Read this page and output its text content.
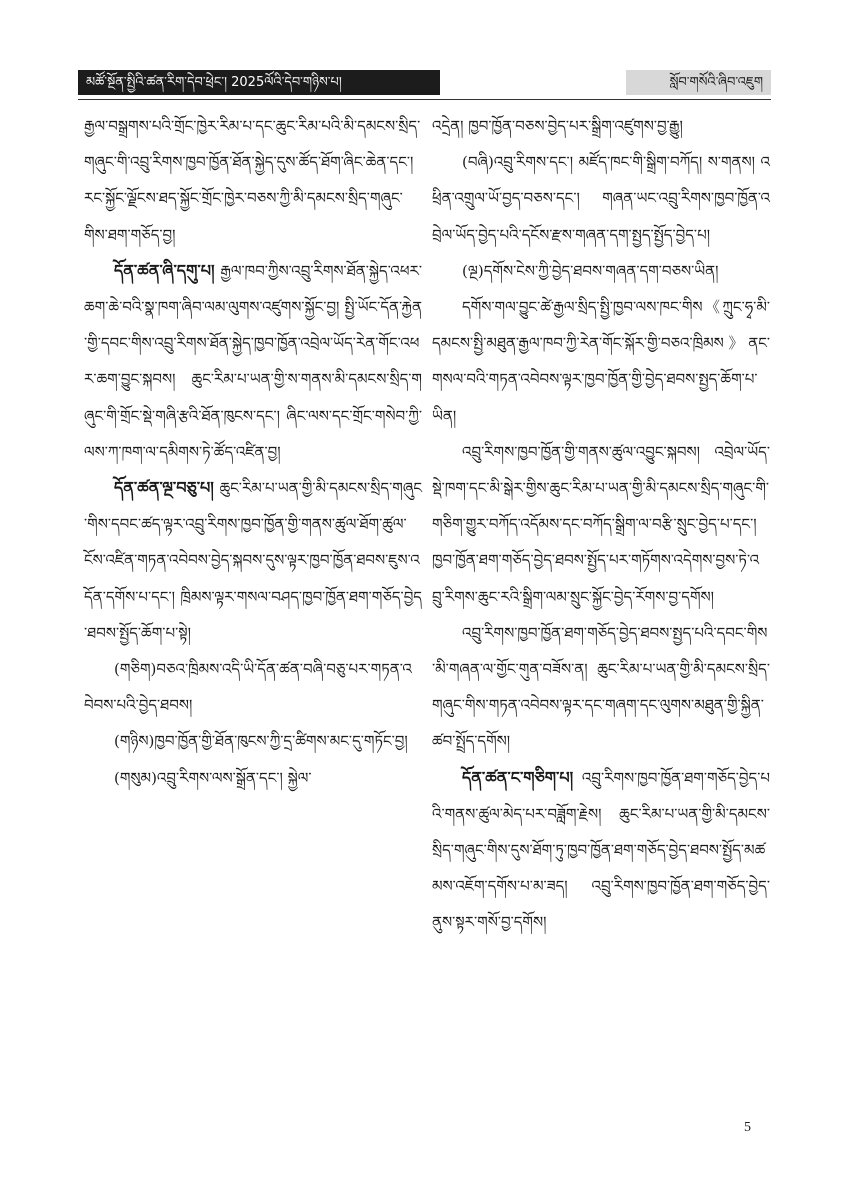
མཚོ་སྔོན་སྤྱིའི་ཚན་རིག་དེབ་ཕྲེང་། 2025ལོའི་དེབ་གཉིས་པ།	སློབ་གསོའི་ཞིབ་འཇུག

རྒྱལ་བསྒྲགས་པའི་གྲོང་ཁྱེར་རིམ་པ་དང་ཆུང་རིམ་པའི་མི་དམངས་སྲིད་གཞུང་གི་འབྲུ་རིགས་ཁྱབ་ཁྱོན་ཐོན་སྐྱེད་དུས་ཚོད་ཐོག་ཞིང་ཆེན་དང་། རང་སྐྱོང་ལྗོངས་ཐད་སྐྱོང་གྲོང་ཁྱེར་བཅས་ཀྱི་མི་དམངས་སྲིད་གཞུང་གིས་ཐག་གཅོད་བྱ།

དོན་ཚན་ཞི་དགུ་པ། རྒྱལ་ཁབ་ཀྱིས་འབྲུ་རིགས་ཐོན་སྐྱེད་འཕར་ཆག་ཆེ་བའི་སྣ་ཁག་ཞིབ་ལམ་ལུགས་འཛུགས་སྐྱོང་བྱ། སྤྱི་ཡོང་དོན་རྐྱེན་གྱི་དབང་གིས་འབྲུ་རིགས་ཐོན་སྐྱེད་ཁྱབ་ཁྱོན་འབྲེལ་ཡོད་རེན་གོང་འཕར་ཆག་བྱུང་སྐབས། ཆུང་རིམ་པ་ཡན་གྱི་ས་གནས་མི་དམངས་སྲིད་གཞུང་གི་གྲོང་སྡེ་གཞི་རྩའི་ཐོན་ཁུངས་དང་། ཞིང་ལས་དང་གྲོང་གསེབ་ཀྱི་ལས་ཀ་ཁག་ལ་དམིགས་ཏེ་ཚོད་འཛིན་བྱ།

དོན་ཚན་ལྔ་བཅུ་པ། ཆུང་རིམ་པ་ཡན་གྱི་མི་དམངས་སྲིད་གཞུང་གིས་དབང་ཚད་ལྟར་འབྲུ་རིགས་ཁྱབ་ཁྱོན་གྱི་གནས་ཚུལ་ཐོག་ཚུལ་ངོས་འཛིན་གཏན་འབེབས་བྱེད་སྐབས་དུས་ལྟར་ཁྱབ་ཁྱོན་ཐབས་ཇུས་འདོན་དགོས་པ་དང་། ཁྲིམས་ལྟར་གསལ་བཤད་ཁྱབ་ཁྱོན་ཐག་གཅོད་བྱེད་ཐབས་སྤྱོད་ཆོག་པ་སྟེ།

(གཅིག)བཅའ་ཁྲིམས་འདི་ཡི་དོན་ཚན་བཞི་བཅུ་པར་གཏན་འབེབས་པའི་བྱེད་ཐབས།

(གཉིས)ཁྱབ་ཁྱོན་གྱི་ཐོན་ཁུངས་ཀྱི་དྲ་ཚིགས་མང་དུ་གཏོང་བྱ།

(གསུམ)འབྲུ་རིགས་ལས་སྒྲོན་དང་། སྐྱེལ་

འདྲེན། ཁྱབ་ཁྱོན་བཅས་བྱེད་པར་སྒྲིག་འཛུགས་བྱ་རྒྱུ།

(བཞི)འབྲུ་རིགས་དང་། མཛོད་ཁང་གི་སྒྲིག་བཀོད། ས་གནས། འཕྲིན་འགྲུལ་ཡོ་བྱད་བཅས་དང་། གཞན་ཡང་འབྲུ་རིགས་ཁྱབ་ཁྱོན་འབྲེལ་ཡོད་བྱེད་པའི་དངོས་རྫས་གཞན་དག་སྤྱད་སྤྱོད་བྱེད་པ།

(ལྔ)དགོས་ངེས་ཀྱི་བྱེད་ཐབས་གཞན་དག་བཅས་ཡིན།

དགོས་གལ་བྱུང་ཚེ་རྒྱལ་སྲིད་སྤྱི་ཁྱབ་ལས་ཁང་གིས《ཀྲུང་ཧྭ་མི་དམངས་སྤྱི་མཐུན་རྒྱལ་ཁབ་ཀྱི་རེན་གོང་སྐོར་གྱི་བཅའ་ཁྲིམས》ནང་གསལ་བའི་གཏན་འབེབས་ལྟར་ཁྱབ་ཁྱོན་གྱི་བྱེད་ཐབས་སྤྱད་ཆོག་པ་ཡིན།

འབྲུ་རིགས་ཁྱབ་ཁྱོན་གྱི་གནས་ཚུལ་འབྱུང་སྐབས། འབྲེལ་ཡོད་སྡེ་ཁག་དང་མི་སྒེར་གྱིས་ཆུང་རིམ་པ་ཡན་གྱི་མི་དམངས་སྲིད་གཞུང་གི་གཅིག་གྱུར་བཀོད་འདོམས་དང་བཀོད་སྒྲིག་ལ་བརྩི་སྲུང་བྱེད་པ་དང་། ཁྱབ་ཁྱོན་ཐག་གཅོད་བྱེད་ཐབས་སྤྱོད་པར་གཏོགས་འདེགས་བྱས་ཏེ་འབྲུ་རིགས་ཆུང་རའི་སྒྲིག་ལམ་སྲུང་སྐྱོང་བྱེད་རོགས་བྱ་དགོས།

འབྲུ་རིགས་ཁྱབ་ཁྱོན་ཐག་གཅོད་བྱེད་ཐབས་སྤྱད་པའི་དབང་གིས་མི་གཞན་ལ་གྱོང་གུན་བཟོས་ན། ཆུང་རིམ་པ་ཡན་གྱི་མི་དམངས་སྲིད་གཞུང་གིས་གཏན་འབེབས་ལྟར་དང་གཞག་དང་ལུགས་མཐུན་གྱི་སྐྱིན་ཚབ་སྤྲོད་དགོས།

དོན་ཚན་ང་གཅིག་པ། འབྲུ་རིགས་ཁྱབ་ཁྱོན་ཐག་གཅོད་བྱེད་པའི་གནས་ཚུལ་མེད་པར་བཟློག་རྗེས། ཆུང་རིམ་པ་ཡན་གྱི་མི་དམངས་སྲིད་གཞུང་གིས་དུས་ཐོག་ཏུ་ཁྱབ་ཁྱོན་ཐག་གཅོད་བྱེད་ཐབས་སྤྱོད་མཚམས་འཇོག་དགོས་པ་མ་ཟད། འབྲུ་རིགས་ཁྱབ་ཁྱོན་ཐག་གཅོད་བྱེད་ནུས་སྟར་གསོ་བྱ་དགོས།

5
